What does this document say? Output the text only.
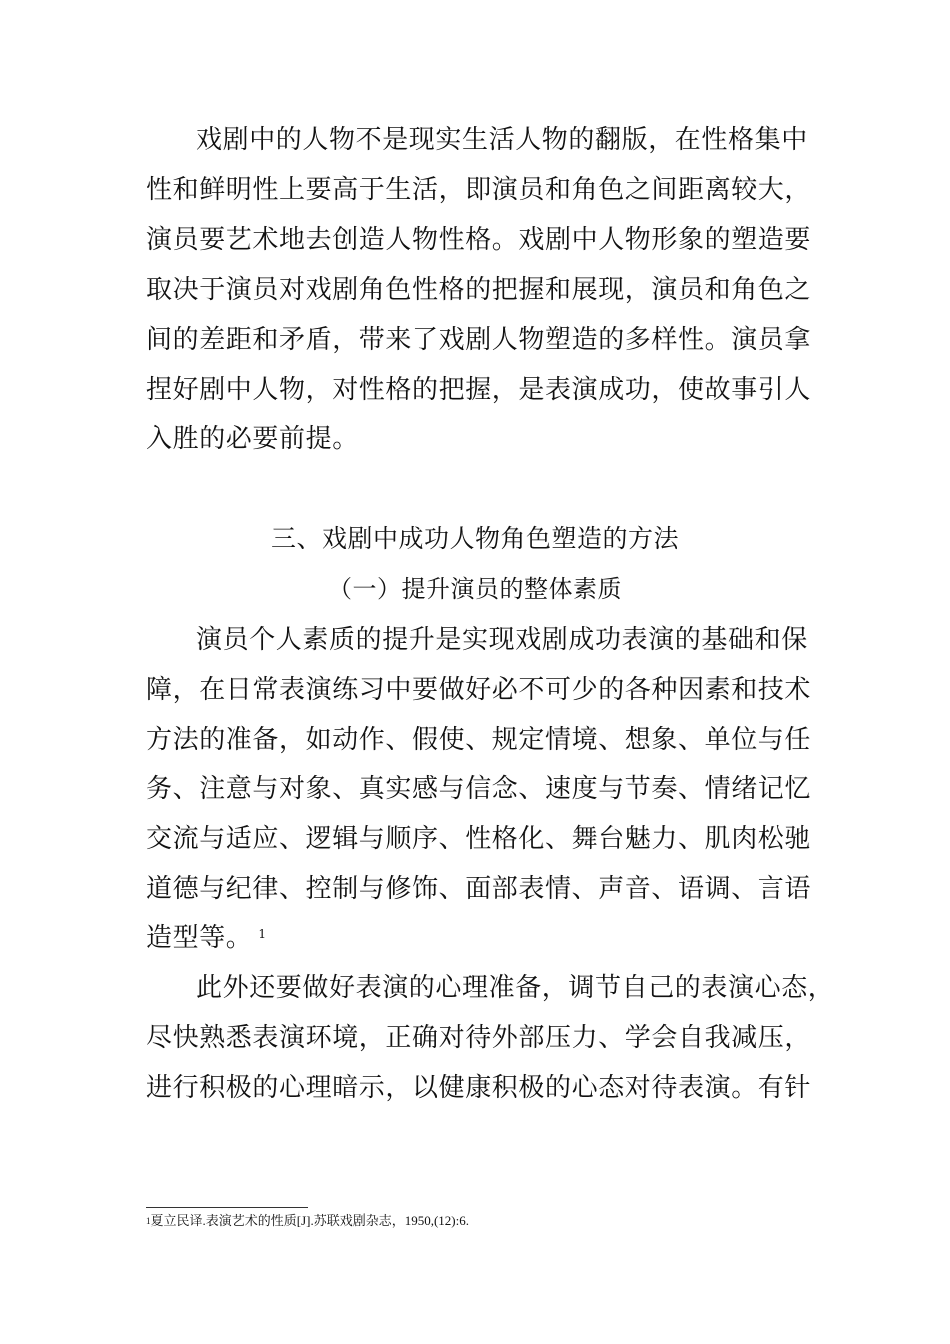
戏剧中的人物不是现实生活人物的翻版，在性格集中
性和鲜明性上要高于生活，即演员和角色之间距离较大，
演员要艺术地去创造人物性格。戏剧中人物形象的塑造要
取决于演员对戏剧角色性格的把握和展现，演员和角色之
间的差距和矛盾，带来了戏剧人物塑造的多样性。演员拿
捏好剧中人物，对性格的把握，是表演成功，使故事引人
入胜的必要前提。
三、戏剧中成功人物角色塑造的方法
（一）提升演员的整体素质
演员个人素质的提升是实现戏剧成功表演的基础和保
障，在日常表演练习中要做好必不可少的各种因素和技术
方法的准备，如动作、假使、规定情境、想象、单位与任
务、注意与对象、真实感与信念、速度与节奏、情绪记忆
交流与适应、逻辑与顺序、性格化、舞台魅力、肌肉松驰
道德与纪律、控制与修饰、面部表情、声音、语调、言语
造型等。 $^1$
此外还要做好表演的心理准备，调节自己的表演心态，
尽快熟悉表演环境，正确对待外部压力、学会自我减压，
进行积极的心理暗示，以健康积极的心态对待表演。有针
$^1$夏立民译.表演艺术的性质[J].苏联戏剧杂志，1950,(12):6.
